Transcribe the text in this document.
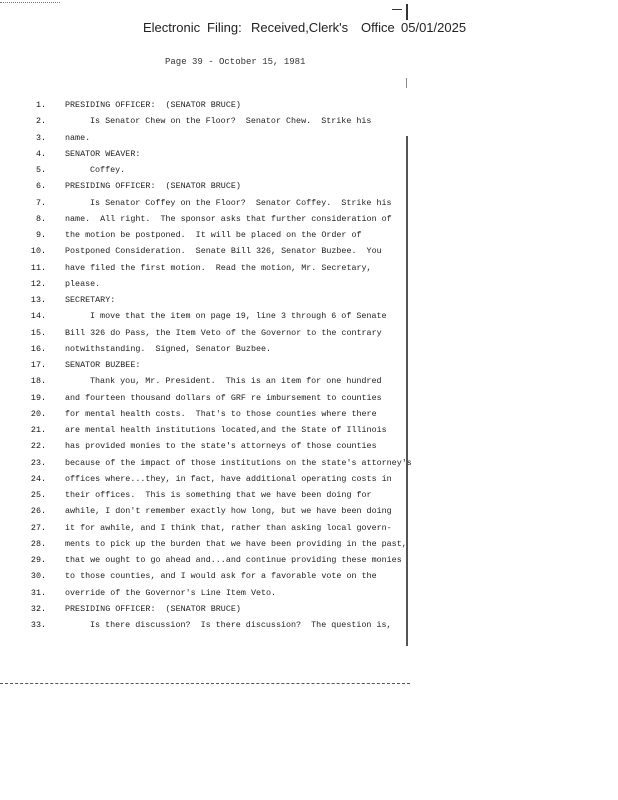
Electronic Filing: Received,Clerk's Office 05/01/2025
Page 39 - October 15, 1981
1. PRESIDING OFFICER:  (SENATOR BRUCE)
2.	Is Senator Chew on the Floor?  Senator Chew.  Strike his
3. name.
4. SENATOR WEAVER:
5.	Coffey.
6. PRESIDING OFFICER:  (SENATOR BRUCE)
7.	Is Senator Coffey on the Floor?  Senator Coffey.  Strike his
8. name.  All right.  The sponsor asks that further consideration of
9. the motion be postponed.  It will be placed on the Order of
10. Postponed Consideration.  Senate Bill 326, Senator Buzbee.  You
11. have filed the first motion.  Read the motion, Mr. Secretary,
12. please.
13. SECRETARY:
14.	I move that the item on page 19, line 3 through 6 of Senate
15. Bill 326 do Pass, the Item Veto of the Governor to the contrary
16. notwithstanding.  Signed, Senator Buzbee.
17. SENATOR BUZBEE:
18.	Thank you, Mr. President.  This is an item for one hundred
19. and fourteen thousand dollars of GRF re imbursement to counties
20. for mental health costs.  That's to those counties where there
21. are mental health institutions located,and the State of Illinois
22. has provided monies to the state's attorneys of those counties
23. because of the impact of those institutions on the state's attorney's
24. offices where...they, in fact, have additional operating costs in
25. their offices.  This is something that we have been doing for
26. awhile, I don't remember exactly how long, but we have been doing
27. it for awhile, and I think that, rather than asking local govern-
28. ments to pick up the burden that we have been providing in the past,
29. that we ought to go ahead and...and continue providing these monies
30. to those counties, and I would ask for a favorable vote on the
31. override of the Governor's Line Item Veto.
32. PRESIDING OFFICER:  (SENATOR BRUCE)
33.	Is there discussion?  Is there discussion?  The question is,
